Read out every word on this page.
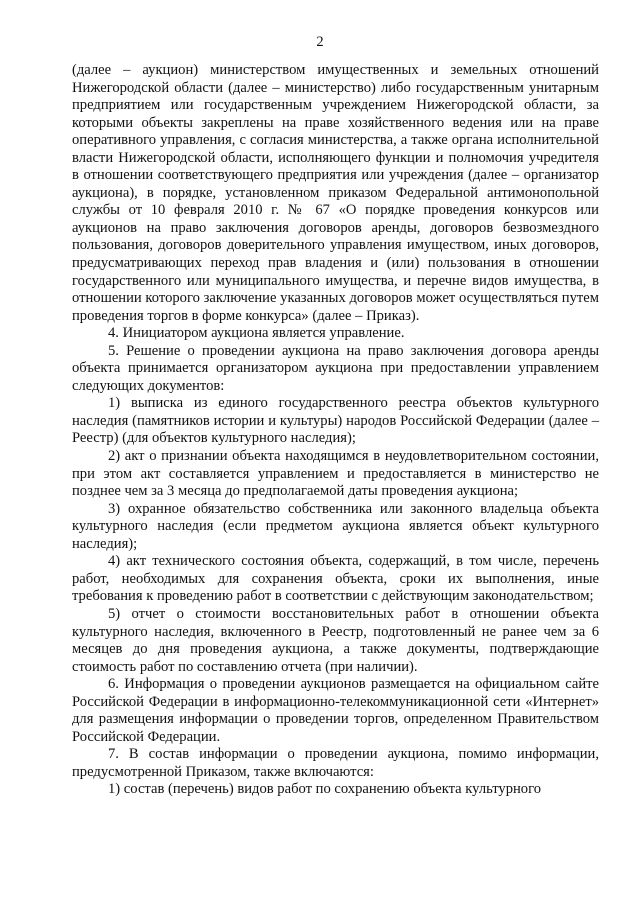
2

(далее – аукцион) министерством имущественных и земельных отношений Нижегородской области (далее – министерство) либо государственным унитарным предприятием или государственным учреждением Нижегородской области, за которыми объекты закреплены на праве хозяйственного ведения или на праве оперативного управления, с согласия министерства, а также органа исполнительной власти Нижегородской области, исполняющего функции и полномочия учредителя в отношении соответствующего предприятия или учреждения (далее – организатор аукциона), в порядке, установленном приказом Федеральной антимонопольной службы от 10 февраля 2010 г. № 67 «О порядке проведения конкурсов или аукционов на право заключения договоров аренды, договоров безвозмездного пользования, договоров доверительного управления имуществом, иных договоров, предусматривающих переход прав владения и (или) пользования в отношении государственного или муниципального имущества, и перечне видов имущества, в отношении которого заключение указанных договоров может осуществляться путем проведения торгов в форме конкурса» (далее – Приказ).

4. Инициатором аукциона является управление.

5. Решение о проведении аукциона на право заключения договора аренды объекта принимается организатором аукциона при предоставлении управлением следующих документов:

1) выписка из единого государственного реестра объектов культурного наследия (памятников истории и культуры) народов Российской Федерации (далее – Реестр) (для объектов культурного наследия);

2) акт о признании объекта находящимся в неудовлетворительном состоянии, при этом акт составляется управлением и предоставляется в министерство не позднее чем за 3 месяца до предполагаемой даты проведения аукциона;

3) охранное обязательство собственника или законного владельца объекта культурного наследия (если предметом аукциона является объект культурного наследия);

4) акт технического состояния объекта, содержащий, в том числе, перечень работ, необходимых для сохранения объекта, сроки их выполнения, иные требования к проведению работ в соответствии с действующим законодательством;

5) отчет о стоимости восстановительных работ в отношении объекта культурного наследия, включенного в Реестр, подготовленный не ранее чем за 6 месяцев до дня проведения аукциона, а также документы, подтверждающие стоимость работ по составлению отчета (при наличии).

6. Информация о проведении аукционов размещается на официальном сайте Российской Федерации в информационно-телекоммуникационной сети «Интернет» для размещения информации о проведении торгов, определенном Правительством Российской Федерации.

7. В состав информации о проведении аукциона, помимо информации, предусмотренной Приказом, также включаются:

1) состав (перечень) видов работ по сохранению объекта культурного
